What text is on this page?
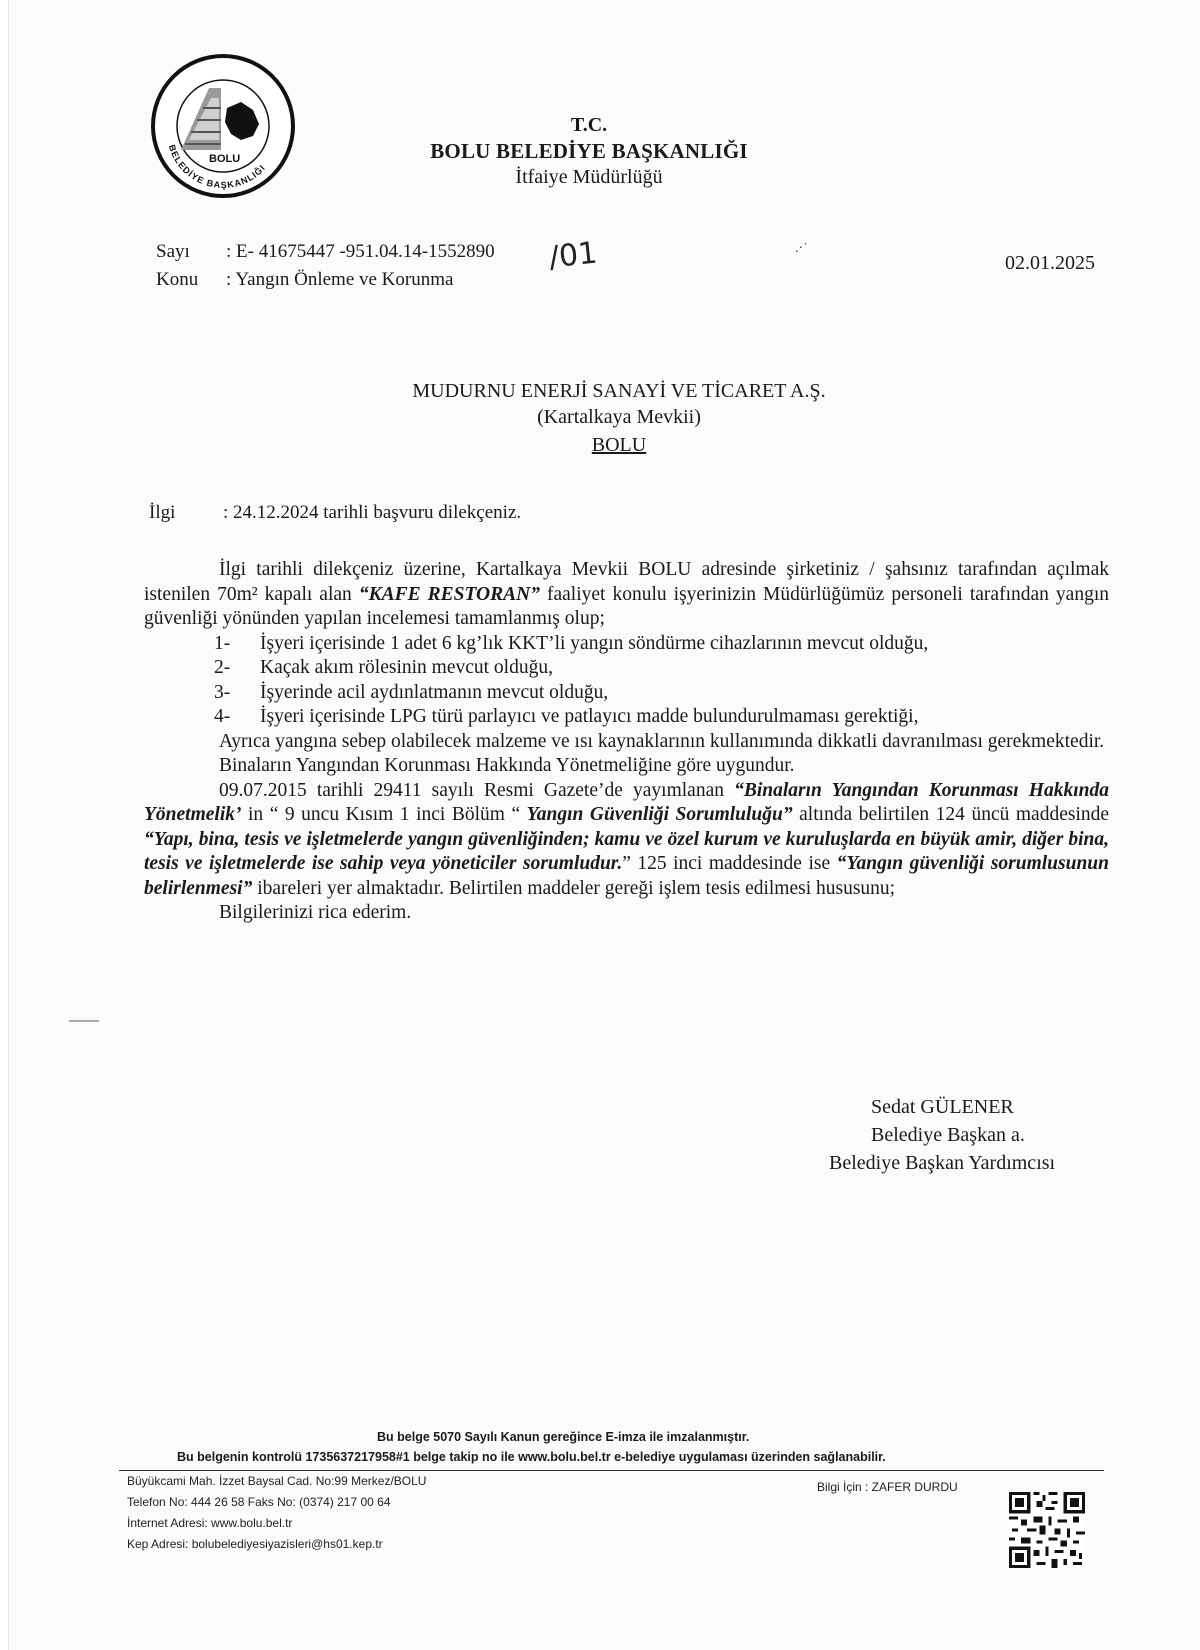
BOLU
BELEDİYE BAŞKANLIĞI
T.C.
BOLU BELEDİYE BAŞKANLIĞI
İtfaiye Müdürlüğü
Sayı : E- 41675447 -951.04.14-1552890 /01
Konu : Yangın Önleme ve Korunma
.·˙
02.01.2025
MUDURNU ENERJİ SANAYİ VE TİCARET A.Ş.
(Kartalkaya Mevkii)
BOLU
İlgi	: 24.12.2024 tarihli başvuru dilekçeniz.

İlgi tarihli dilekçeniz üzerine, Kartalkaya Mevkii BOLU adresinde şirketiniz / şahsınız tarafından açılmak istenilen 70m² kapalı alan “KAFE RESTORAN” faaliyet konulu işyerinizin Müdürlüğümüz personeli tarafından yangın güvenliği yönünden yapılan incelemesi tamamlanmış olup;

1-	İşyeri içerisinde 1 adet 6 kg’lık KKT’li yangın söndürme cihazlarının mevcut olduğu,
2-	Kaçak akım rölesinin mevcut olduğu,
3-	İşyerinde acil aydınlatmanın mevcut olduğu,
4-	İşyeri içerisinde LPG türü parlayıcı ve patlayıcı madde bulundurulmaması gerektiği,

Ayrıca yangına sebep olabilecek malzeme ve ısı kaynaklarının kullanımında dikkatli davranılması gerekmektedir.

Binaların Yangından Korunması Hakkında Yönetmeliğine göre uygundur.

09.07.2015 tarihli 29411 sayılı Resmi Gazete’de yayımlanan “Binaların Yangından Korunması Hakkında Yönetmelik’ in “ 9 uncu Kısım 1 inci Bölüm “ Yangın Güvenliği Sorumluluğu” altında belirtilen 124 üncü maddesinde “Yapı, bina, tesis ve işletmelerde yangın güvenliğinden; kamu ve özel kurum ve kuruluşlarda en büyük amir, diğer bina, tesis ve işletmelerde ise sahip veya yöneticiler sorumludur.” 125 inci maddesinde ise “Yangın güvenliği sorumlusunun belirlenmesi” ibareleri yer almaktadır. Belirtilen maddeler gereği işlem tesis edilmesi hususunu;

Bilgilerinizi rica ederim.

Sedat GÜLENER
Belediye Başkan a.
Belediye Başkan Yardımcısı
Bu belge 5070 Sayılı Kanun gereğince E-imza ile imzalanmıştır.
Bu belgenin kontrolü 1735637217958#1 belge takip no ile www.bolu.bel.tr e-belediye uygulaması üzerinden sağlanabilir.
Büyükcami Mah. İzzet Baysal Cad. No:99 Merkez/BOLU
Telefon No: 444 26 58 Faks No: (0374) 217 00 64
İnternet Adresi: www.bolu.bel.tr
Kep Adresi: bolubelediyesiyazisleri@hs01.kep.tr
Bilgi İçin : ZAFER DURDU
